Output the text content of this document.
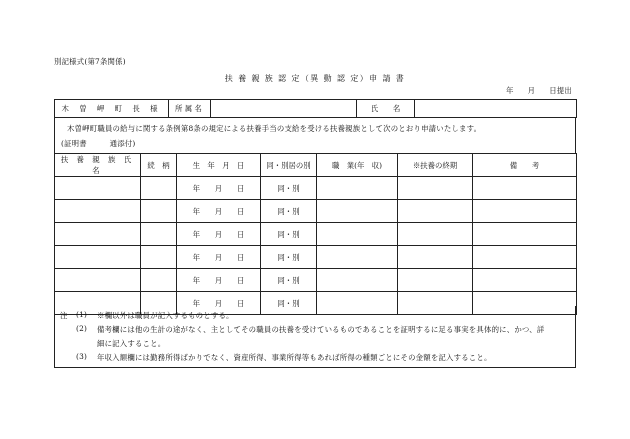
別記様式(第7条関係)
扶 養 親 族 認 定（異 動 認 定）申 請 書
年 月 日提出
木 曽 岬 町 長 様	所 属 名		氏　　名	
木曽岬町職員の給与に関する条例第8条の規定による扶養手当の支給を受ける扶養親族として次のとおり申請いたします。
(証明書　　　通添付)
扶 養 親 族 氏 名	続　柄	生　年　月　日	同・別居の別	職　業(年　収)	※扶養の終期	備　　考
		年　　月　　日	同・別			
		年　　月　　日	同・別			
		年　　月　　日	同・別			
		年　　月　　日	同・別			
		年　　月　　日	同・別			
		年　　月　　日	同・別			
注 (1) ※欄以外は職員が記入するものとする。
(2) 備考欄には他の生計の途がなく、主としてその職員の扶養を受けているものであることを証明するに足る事実を具体的に、かつ、詳
細に記入すること。
(3) 年収入額欄には勤務所得ばかりでなく、資産所得、事業所得等もあれば所得の種類ごとにその金額を記入すること。
